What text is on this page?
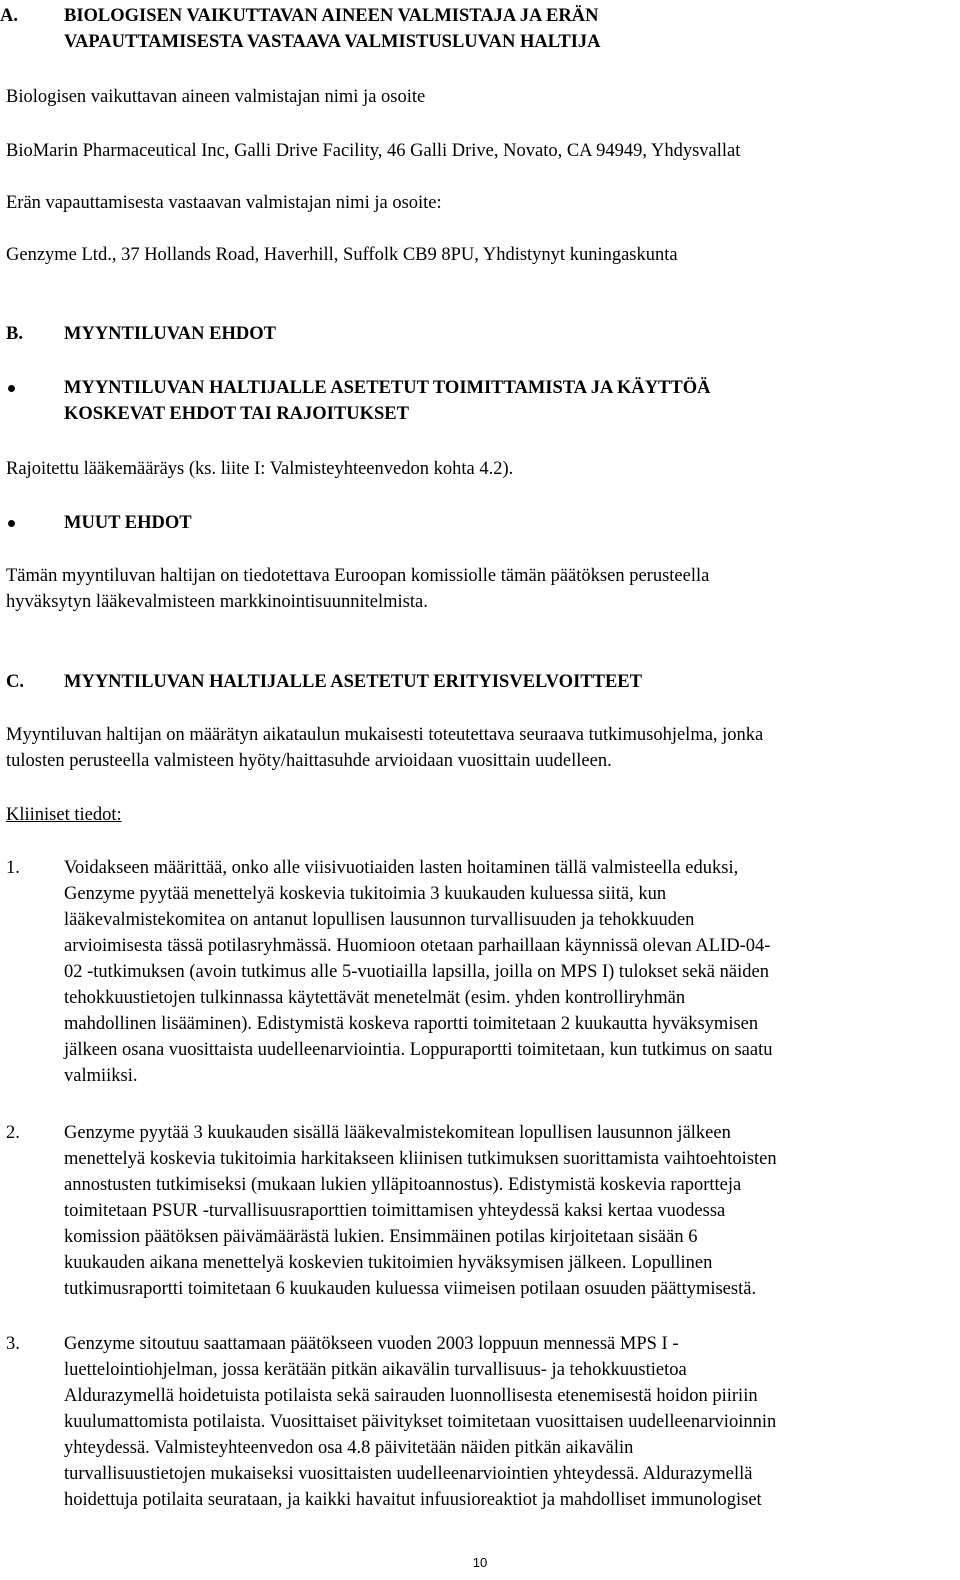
A.	BIOLOGISEN VAIKUTTAVAN AINEEN VALMISTAJA JA ERÄN
VAPAUTTAMISESTA VASTAAVA VALMISTUSLUVAN HALTIJA
Biologisen vaikuttavan aineen valmistajan nimi ja osoite
BioMarin Pharmaceutical Inc, Galli Drive Facility, 46 Galli Drive, Novato, CA 94949, Yhdysvallat
Erän vapauttamisesta vastaavan valmistajan nimi ja osoite:
Genzyme Ltd., 37 Hollands Road, Haverhill, Suffolk CB9 8PU, Yhdistynyt kuningaskunta
B.	MYYNTILUVAN EHDOT
MYYNTILUVAN HALTIJALLE ASETETUT TOIMITTAMISTA JA KÄYTTÖÄ
KOSKEVAT EHDOT TAI RAJOITUKSET
Rajoitettu lääkemääräys (ks. liite I: Valmisteyhteenvedon kohta 4.2).
MUUT EHDOT
Tämän myyntiluvan haltijan on tiedotettava Euroopan komissiolle tämän päätöksen perusteella
hyväksytyn lääkevalmisteen markkinointisuunnitelmista.
C.	MYYNTILUVAN HALTIJALLE ASETETUT ERITYISVELVOITTEET
Myyntiluvan haltijan on määrätyn aikataulun mukaisesti toteutettava seuraava tutkimusohjelma, jonka
tulosten perusteella valmisteen hyöty/haittasuhde arvioidaan vuosittain uudelleen.
Kliiniset tiedot:
1.	Voidakseen määrittää, onko alle viisivuotiaiden lasten hoitaminen tällä valmisteella eduksi,
Genzyme pyytää menettelyä koskevia tukitoimia 3 kuukauden kuluessa siitä, kun
lääkevalmistekomitea on antanut lopullisen lausunnon turvallisuuden ja tehokkuuden
arvioimisesta tässä potilasryhmässä. Huomioon otetaan parhaillaan käynnissä olevan ALID-04-
02 -tutkimuksen (avoin tutkimus alle 5-vuotiailla lapsilla, joilla on MPS I) tulokset sekä näiden
tehokkuustietojen tulkinnassa käytettävät menetelmät (esim. yhden kontrolliryhmän
mahdollinen lisääminen). Edistymistä koskeva raportti toimitetaan 2 kuukautta hyväksymisen
jälkeen osana vuosittaista uudelleenarviointia. Loppuraportti toimitetaan, kun tutkimus on saatu
valmiiksi.
2.	Genzyme pyytää 3 kuukauden sisällä lääkevalmistekomitean lopullisen lausunnon jälkeen
menettelyä koskevia tukitoimia harkitakseen kliinisen tutkimuksen suorittamista vaihtoehtoisten
annostusten tutkimiseksi (mukaan lukien ylläpitoannostus). Edistymistä koskevia raportteja
toimitetaan PSUR -turvallisuusraporttien toimittamisen yhteydessä kaksi kertaa vuodessa
komission päätöksen päivämäärästä lukien. Ensimmäinen potilas kirjoitetaan sisään 6
kuukauden aikana menettelyä koskevien tukitoimien hyväksymisen jälkeen. Lopullinen
tutkimusraportti toimitetaan 6 kuukauden kuluessa viimeisen potilaan osuuden päättymisestä.
3.	Genzyme sitoutuu saattamaan päätökseen vuoden 2003 loppuun mennessä MPS I -
luettelointiohjelman, jossa kerätään pitkän aikavälin turvallisuus- ja tehokkuustietoa
Aldurazymellä hoidetuista potilaista sekä sairauden luonnollisesta etenemisestä hoidon piiriin
kuulumattomista potilaista. Vuosittaiset päivitykset toimitetaan vuosittaisen uudelleenarvioinnin
yhteydessä. Valmisteyhteenvedon osa 4.8 päivitetään näiden pitkän aikavälin
turvallisuustietojen mukaiseksi vuosittaisten uudelleenarviointien yhteydessä. Aldurazymellä
hoidettuja potilaita seurataan, ja kaikki havaitut infuusioreaktiot ja mahdolliset immunologiset
10
